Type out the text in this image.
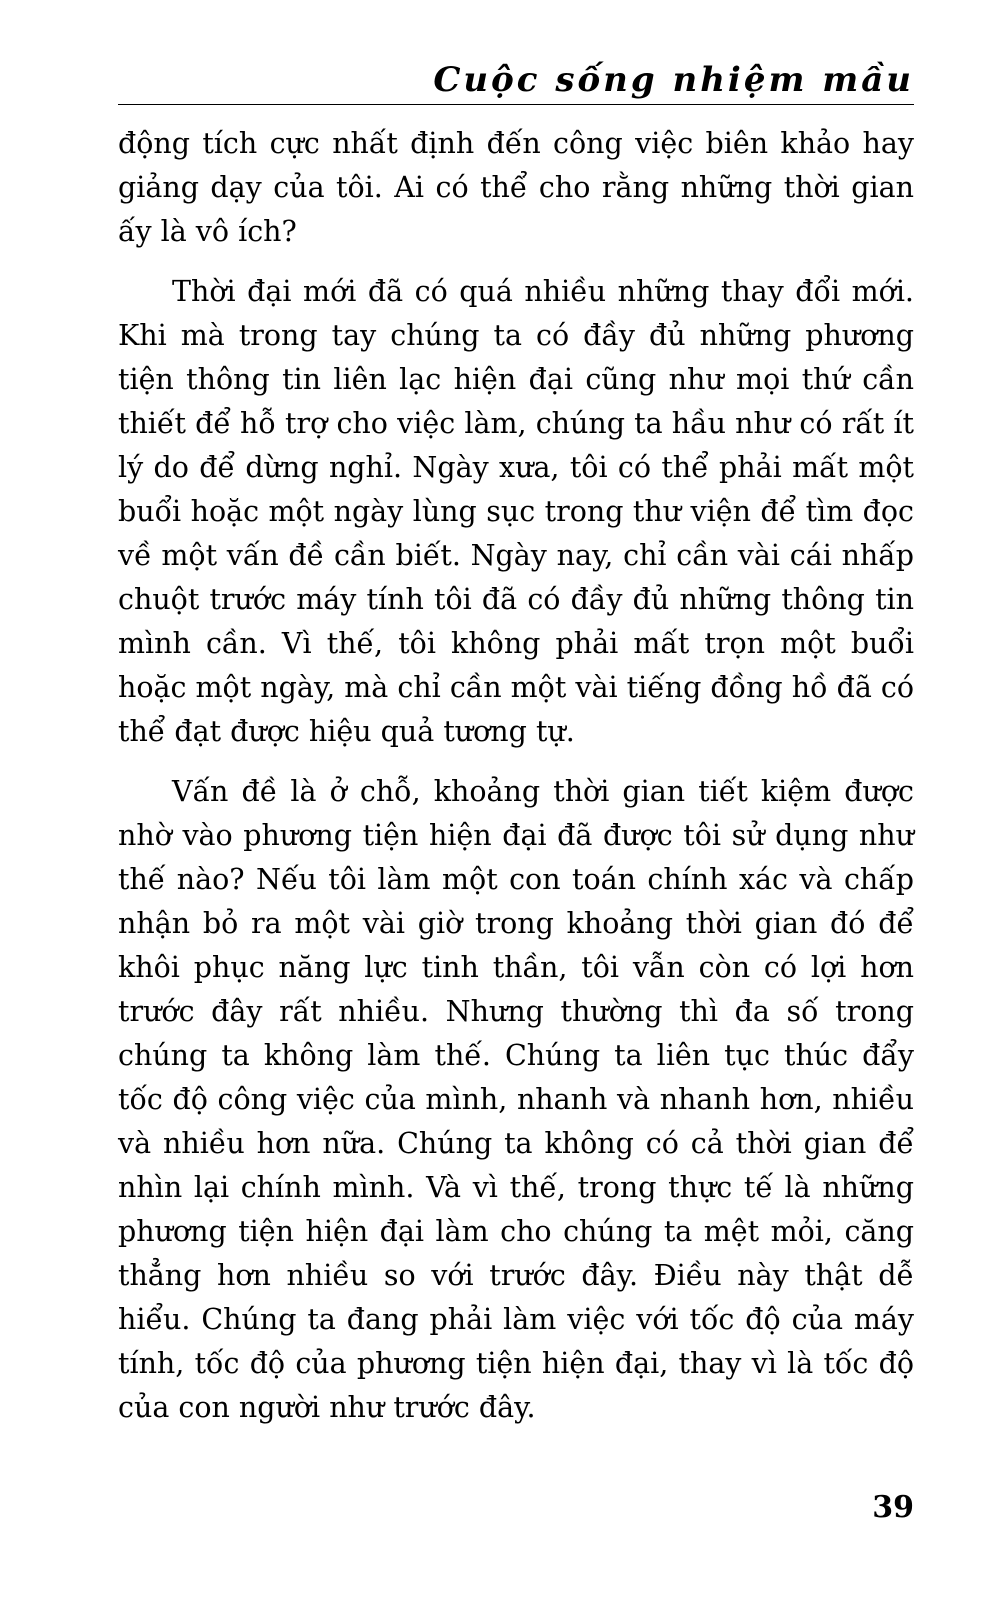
Cuộc sống nhiệm mầu

động tích cực nhất định đến công việc biên khảo hay giảng dạy của tôi. Ai có thể cho rằng những thời gian ấy là vô ích?

Thời đại mới đã có quá nhiều những thay đổi mới. Khi mà trong tay chúng ta có đầy đủ những phương tiện thông tin liên lạc hiện đại cũng như mọi thứ cần thiết để hỗ trợ cho việc làm, chúng ta hầu như có rất ít lý do để dừng nghỉ. Ngày xưa, tôi có thể phải mất một buổi hoặc một ngày lùng sục trong thư viện để tìm đọc về một vấn đề cần biết. Ngày nay, chỉ cần vài cái nhấp chuột trước máy tính tôi đã có đầy đủ những thông tin mình cần. Vì thế, tôi không phải mất trọn một buổi hoặc một ngày, mà chỉ cần một vài tiếng đồng hồ đã có thể đạt được hiệu quả tương tự.

Vấn đề là ở chỗ, khoảng thời gian tiết kiệm được nhờ vào phương tiện hiện đại đã được tôi sử dụng như thế nào? Nếu tôi làm một con toán chính xác và chấp nhận bỏ ra một vài giờ trong khoảng thời gian đó để khôi phục năng lực tinh thần, tôi vẫn còn có lợi hơn trước đây rất nhiều. Nhưng thường thì đa số trong chúng ta không làm thế. Chúng ta liên tục thúc đẩy tốc độ công việc của mình, nhanh và nhanh hơn, nhiều và nhiều hơn nữa. Chúng ta không có cả thời gian để nhìn lại chính mình. Và vì thế, trong thực tế là những phương tiện hiện đại làm cho chúng ta mệt mỏi, căng thẳng hơn nhiều so với trước đây. Điều này thật dễ hiểu. Chúng ta đang phải làm việc với tốc độ của máy tính, tốc độ của phương tiện hiện đại, thay vì là tốc độ của con người như trước đây.

39
